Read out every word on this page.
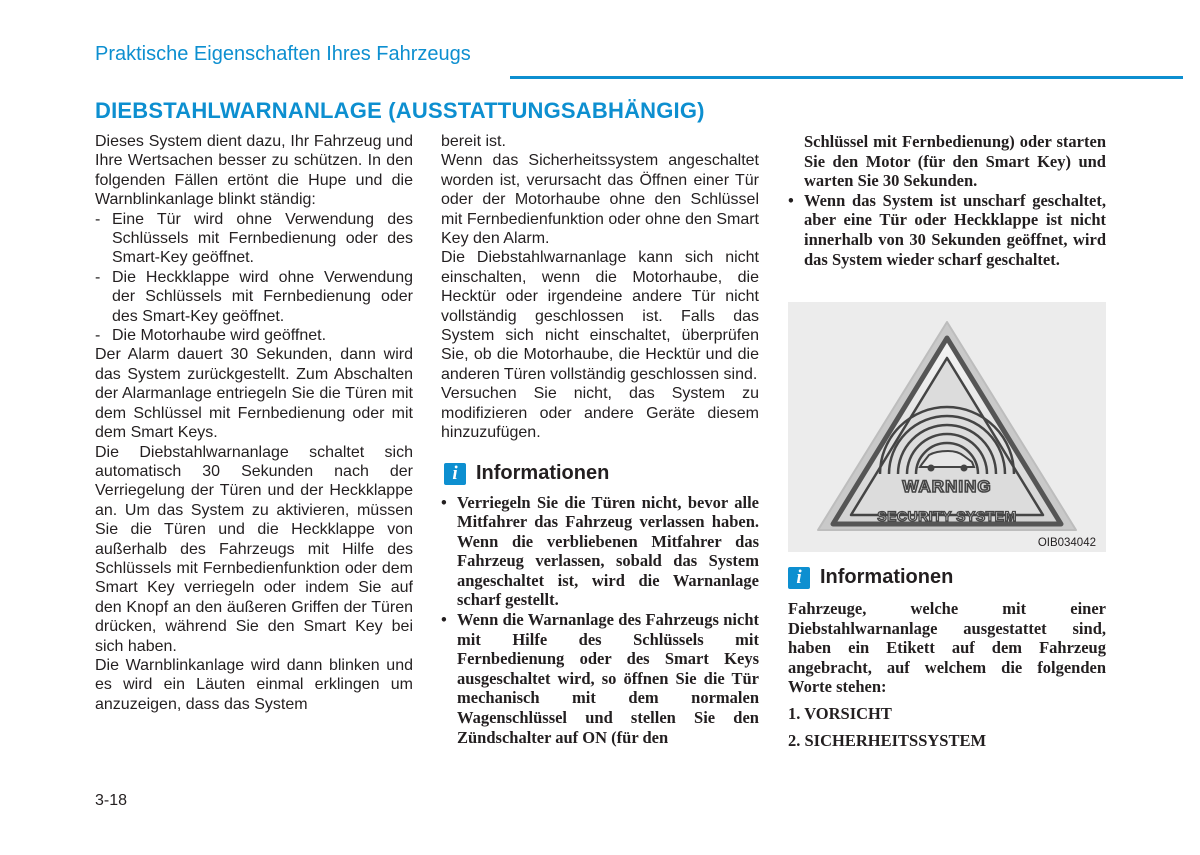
Praktische Eigenschaften Ihres Fahrzeugs
DIEBSTAHLWARNANLAGE (AUSSTATTUNGSABHÄNGIG)

Dieses System dient dazu, Ihr Fahrzeug und Ihre Wertsachen besser zu schützen. In den folgenden Fällen ertönt die Hupe und die Warnblinkanlage blinkt ständig:

- Eine Tür wird ohne Verwendung des Schlüssels mit Fernbedienung oder des Smart-Key geöffnet.
- Die Heckklappe wird ohne Verwendung der Schlüssels mit Fernbedienung oder des Smart-Key geöffnet.
- Die Motorhaube wird geöffnet.

Der Alarm dauert 30 Sekunden, dann wird das System zurückgestellt. Zum Abschalten der Alarmanlage entriegeln Sie die Türen mit dem Schlüssel mit Fernbedienung oder mit dem Smart Keys.

Die Diebstahlwarnanlage schaltet sich automatisch 30 Sekunden nach der Verriegelung der Türen und der Heckklappe an. Um das System zu aktivieren, müssen Sie die Türen und die Heckklappe von außerhalb des Fahrzeugs mit Hilfe des Schlüssels mit Fernbedienfunktion oder dem Smart Key verriegeln oder indem Sie auf den Knopf an den äußeren Griffen der Türen drücken, während Sie den Smart Key bei sich haben.

Die Warnblinkanlage wird dann blinken und es wird ein Läuten einmal erklingen um anzuzeigen, dass das System

bereit ist.

Wenn das Sicherheitssystem angeschaltet worden ist, verursacht das Öffnen einer Tür oder der Motorhaube ohne den Schlüssel mit Fernbedienfunktion oder ohne den Smart Key den Alarm.

Die Diebstahlwarnanlage kann sich nicht einschalten, wenn die Motorhaube, die Hecktür oder irgendeine andere Tür nicht vollständig geschlossen ist. Falls das System sich nicht einschaltet, überprüfen Sie, ob die Motorhaube, die Hecktür und die anderen Türen vollständig geschlossen sind.

Versuchen Sie nicht, das System zu modifizieren oder andere Geräte diesem hinzuzufügen.

i Informationen
• Verriegeln Sie die Türen nicht, bevor alle Mitfahrer das Fahrzeug verlassen haben. Wenn die verbliebenen Mitfahrer das Fahrzeug verlassen, sobald das System angeschaltet ist, wird die Warnanlage scharf gestellt.
• Wenn die Warnanlage des Fahrzeugs nicht mit Hilfe des Schlüssels mit Fernbedienung oder des Smart Keys ausgeschaltet wird, so öffnen Sie die Tür mechanisch mit dem normalen Wagenschlüssel und stellen Sie den Zündschalter auf ON (für den
Schlüssel mit Fernbedienung) oder starten Sie den Motor (für den Smart Key) und warten Sie 30 Sekunden.
• Wenn das System ist unscharf geschaltet, aber eine Tür oder Heckklappe ist nicht innerhalb von 30 Sekunden geöffnet, wird das System wieder scharf geschaltet.
WARNING
SECURITY SYSTEM
OIB034042
i Informationen
Fahrzeuge, welche mit einer Diebstahlwarnanlage ausgestattet sind, haben ein Etikett auf dem Fahrzeug angebracht, auf welchem die folgenden Worte stehen:
1. VORSICHT
2. SICHERHEITSSYSTEM
3-18
